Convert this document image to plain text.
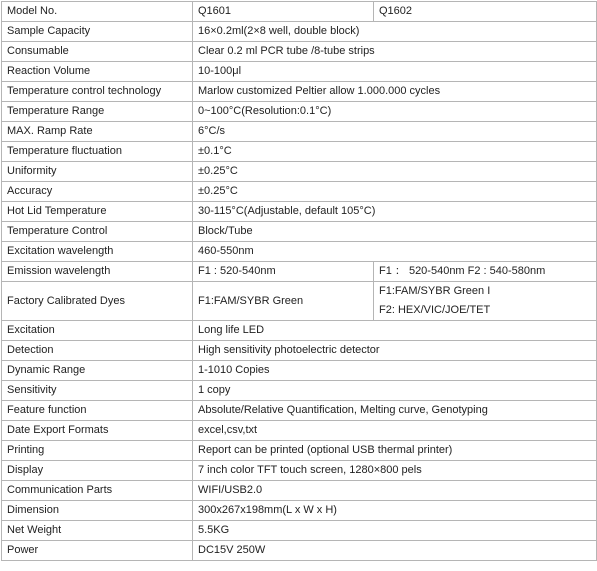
Model No.	Q1601	Q1602
Sample Capacity	16×0.2ml(2×8 well, double block)	
Consumable	Clear 0.2 ml PCR tube /8-tube strips	
Reaction Volume	10-100μl	
Temperature control technology	Marlow customized Peltier allow 1.000.000 cycles	
Temperature Range	0~100°C(Resolution:0.1°C)	
MAX. Ramp Rate	6°C/s	
Temperature fluctuation	±0.1°C	
Uniformity	±0.25°C	
Accuracy	±0.25°C	
Hot Lid Temperature	30-115°C(Adjustable, default 105°C)	
Temperature Control	Block/Tube	
Excitation wavelength	460-550nm	
Emission wavelength	F1 : 520-540nm	F1 ： 520-540nm F2 : 540-580nm
Factory Calibrated Dyes	F1:FAM/SYBR Green	F1:FAM/SYBR Green I
F2: HEX/VIC/JOE/TET

Excitation	Long life LED	
Detection	High sensitivity photoelectric detector	
Dynamic Range	1-1010 Copies	
Sensitivity	1 copy	
Feature function	Absolute/Relative Quantification, Melting curve, Genotyping	
Date Export Formats	excel,csv,txt	
Printing	Report can be printed (optional USB thermal printer)	
Display	7 inch color TFT touch screen, 1280×800 pels	
Communication Parts	WIFI/USB2.0	
Dimension	300x267x198mm(L x W x H)	
Net Weight	5.5KG	
Power	DC15V 250W	
